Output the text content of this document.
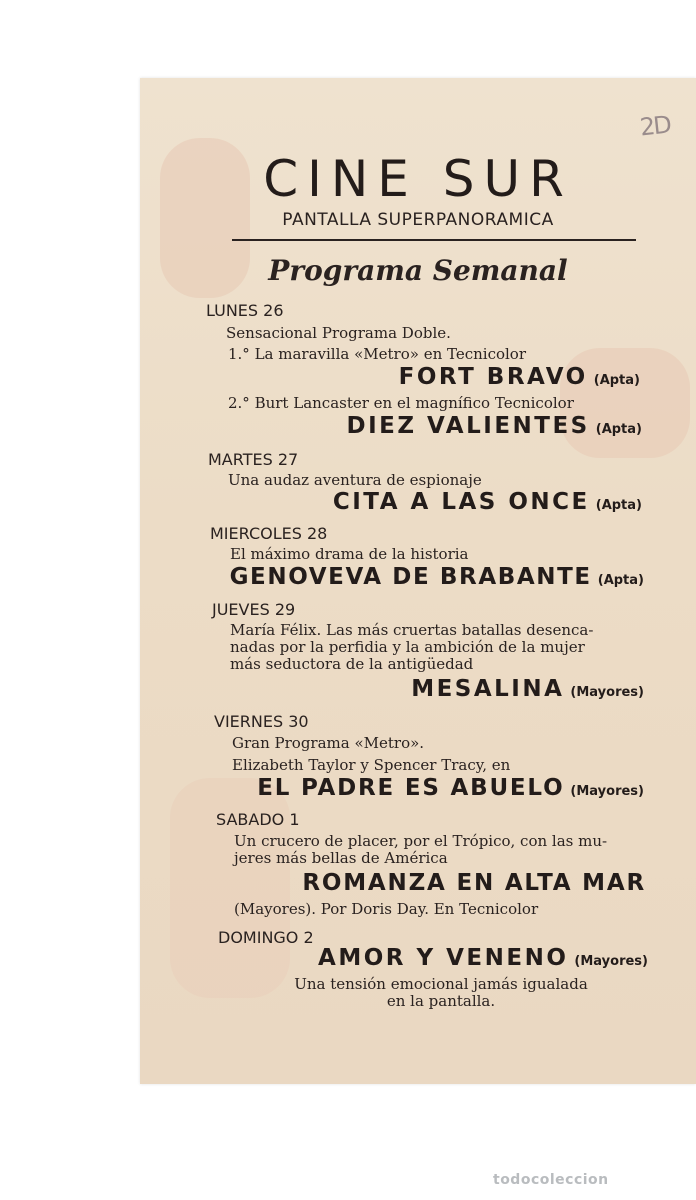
CINE SUR
PANTALLA SUPERPANORAMICA
Programa Semanal
LUNES 26
Sensacional Programa Doble.
1.° La maravilla «Metro» en Tecnicolor
FORT BRAVO (Apta)
2.° Burt Lancaster en el magnífico Tecnicolor
DIEZ VALIENTES (Apta)
MARTES 27
Una audaz aventura de espionaje
CITA A LAS ONCE (Apta)
MIERCOLES 28
El máximo drama de la historia
GENOVEVA DE BRABANTE (Apta)
JUEVES 29
María Félix. Las más cruertas batallas desenca-
nadas por la perfidia y la ambición de la mujer
más seductora de la antigüedad
MESALINA (Mayores)
VIERNES 30
Gran Programa «Metro».
Elizabeth Taylor y Spencer Tracy, en
EL PADRE ES ABUELO (Mayores)
SABADO 1
Un crucero de placer, por el Trópico, con las mu-
jeres más bellas de América
ROMANZA EN ALTA MAR
(Mayores). Por Doris Day. En Tecnicolor
DOMINGO 2
AMOR Y VENENO (Mayores)
Una tensión emocional jamás igualada
en la pantalla.
2D
todocoleccion
